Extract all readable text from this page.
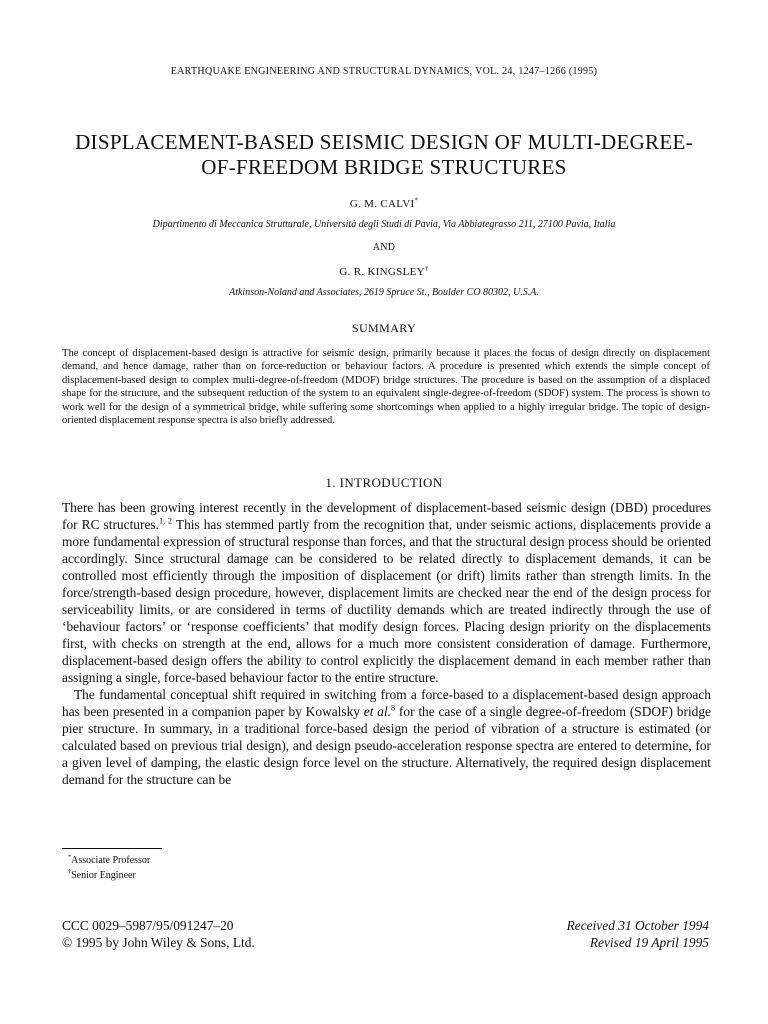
EARTHQUAKE ENGINEERING AND STRUCTURAL DYNAMICS, VOL. 24, 1247–1266 (1995)
DISPLACEMENT-BASED SEISMIC DESIGN OF MULTI-DEGREE-
OF-FREEDOM BRIDGE STRUCTURES
G. M. CALVI*
Dipartimento di Meccanica Strutturale, Università degli Studi di Pavia, Via Abbiategrasso 211, 27100 Pavia, Italia
AND
G. R. KINGSLEY†
Atkinson-Noland and Associates, 2619 Spruce St., Boulder CO 80302, U.S.A.
SUMMARY
The concept of displacement-based design is attractive for seismic design, primarily because it places the focus of design directly on displacement demand, and hence damage, rather than on force-reduction or behaviour factors. A procedure is presented which extends the simple concept of displacement-based design to complex multi-degree-of-freedom (MDOF) bridge structures. The procedure is based on the assumption of a displaced shape for the structure, and the subsequent reduction of the system to an equivalent single-degree-of-freedom (SDOF) system. The process is shown to work well for the design of a symmetrical bridge, while suffering some shortcomings when applied to a highly irregular bridge. The topic of design-oriented displacement response spectra is also briefly addressed.
1. INTRODUCTION

There has been growing interest recently in the development of displacement-based seismic design (DBD) procedures for RC structures.$^{1, 2}$ This has stemmed partly from the recognition that, under seismic actions, displacements provide a more fundamental expression of structural response than forces, and that the structural design process should be oriented accordingly. Since structural damage can be considered to be related directly to displacement demands, it can be controlled most efficiently through the imposition of displacement (or drift) limits rather than strength limits. In the force/strength-based design procedure, however, displacement limits are checked near the end of the design process for serviceability limits, or are considered in terms of ductility demands which are treated indirectly through the use of ‘behaviour factors’ or ‘response coefficients’ that modify design forces. Placing design priority on the displacements first, with checks on strength at the end, allows for a much more consistent consideration of damage. Furthermore, displacement-based design offers the ability to control explicitly the displacement demand in each member rather than assigning a single, force-based behaviour factor to the entire structure.

The fundamental conceptual shift required in switching from a force-based to a displacement-based design approach has been presented in a companion paper by Kowalsky et al.$^8$ for the case of a single degree-of-freedom (SDOF) bridge pier structure. In summary, in a traditional force-based design the period of vibration of a structure is estimated (or calculated based on previous trial design), and design pseudo-acceleration response spectra are entered to determine, for a given level of damping, the elastic design force level on the structure. Alternatively, the required design displacement demand for the structure can be

*Associate Professor
†Senior Engineer
CCC 0029–5987/95/091247–20
© 1995 by John Wiley & Sons, Ltd.
Received 31 October 1994
Revised 19 April 1995
